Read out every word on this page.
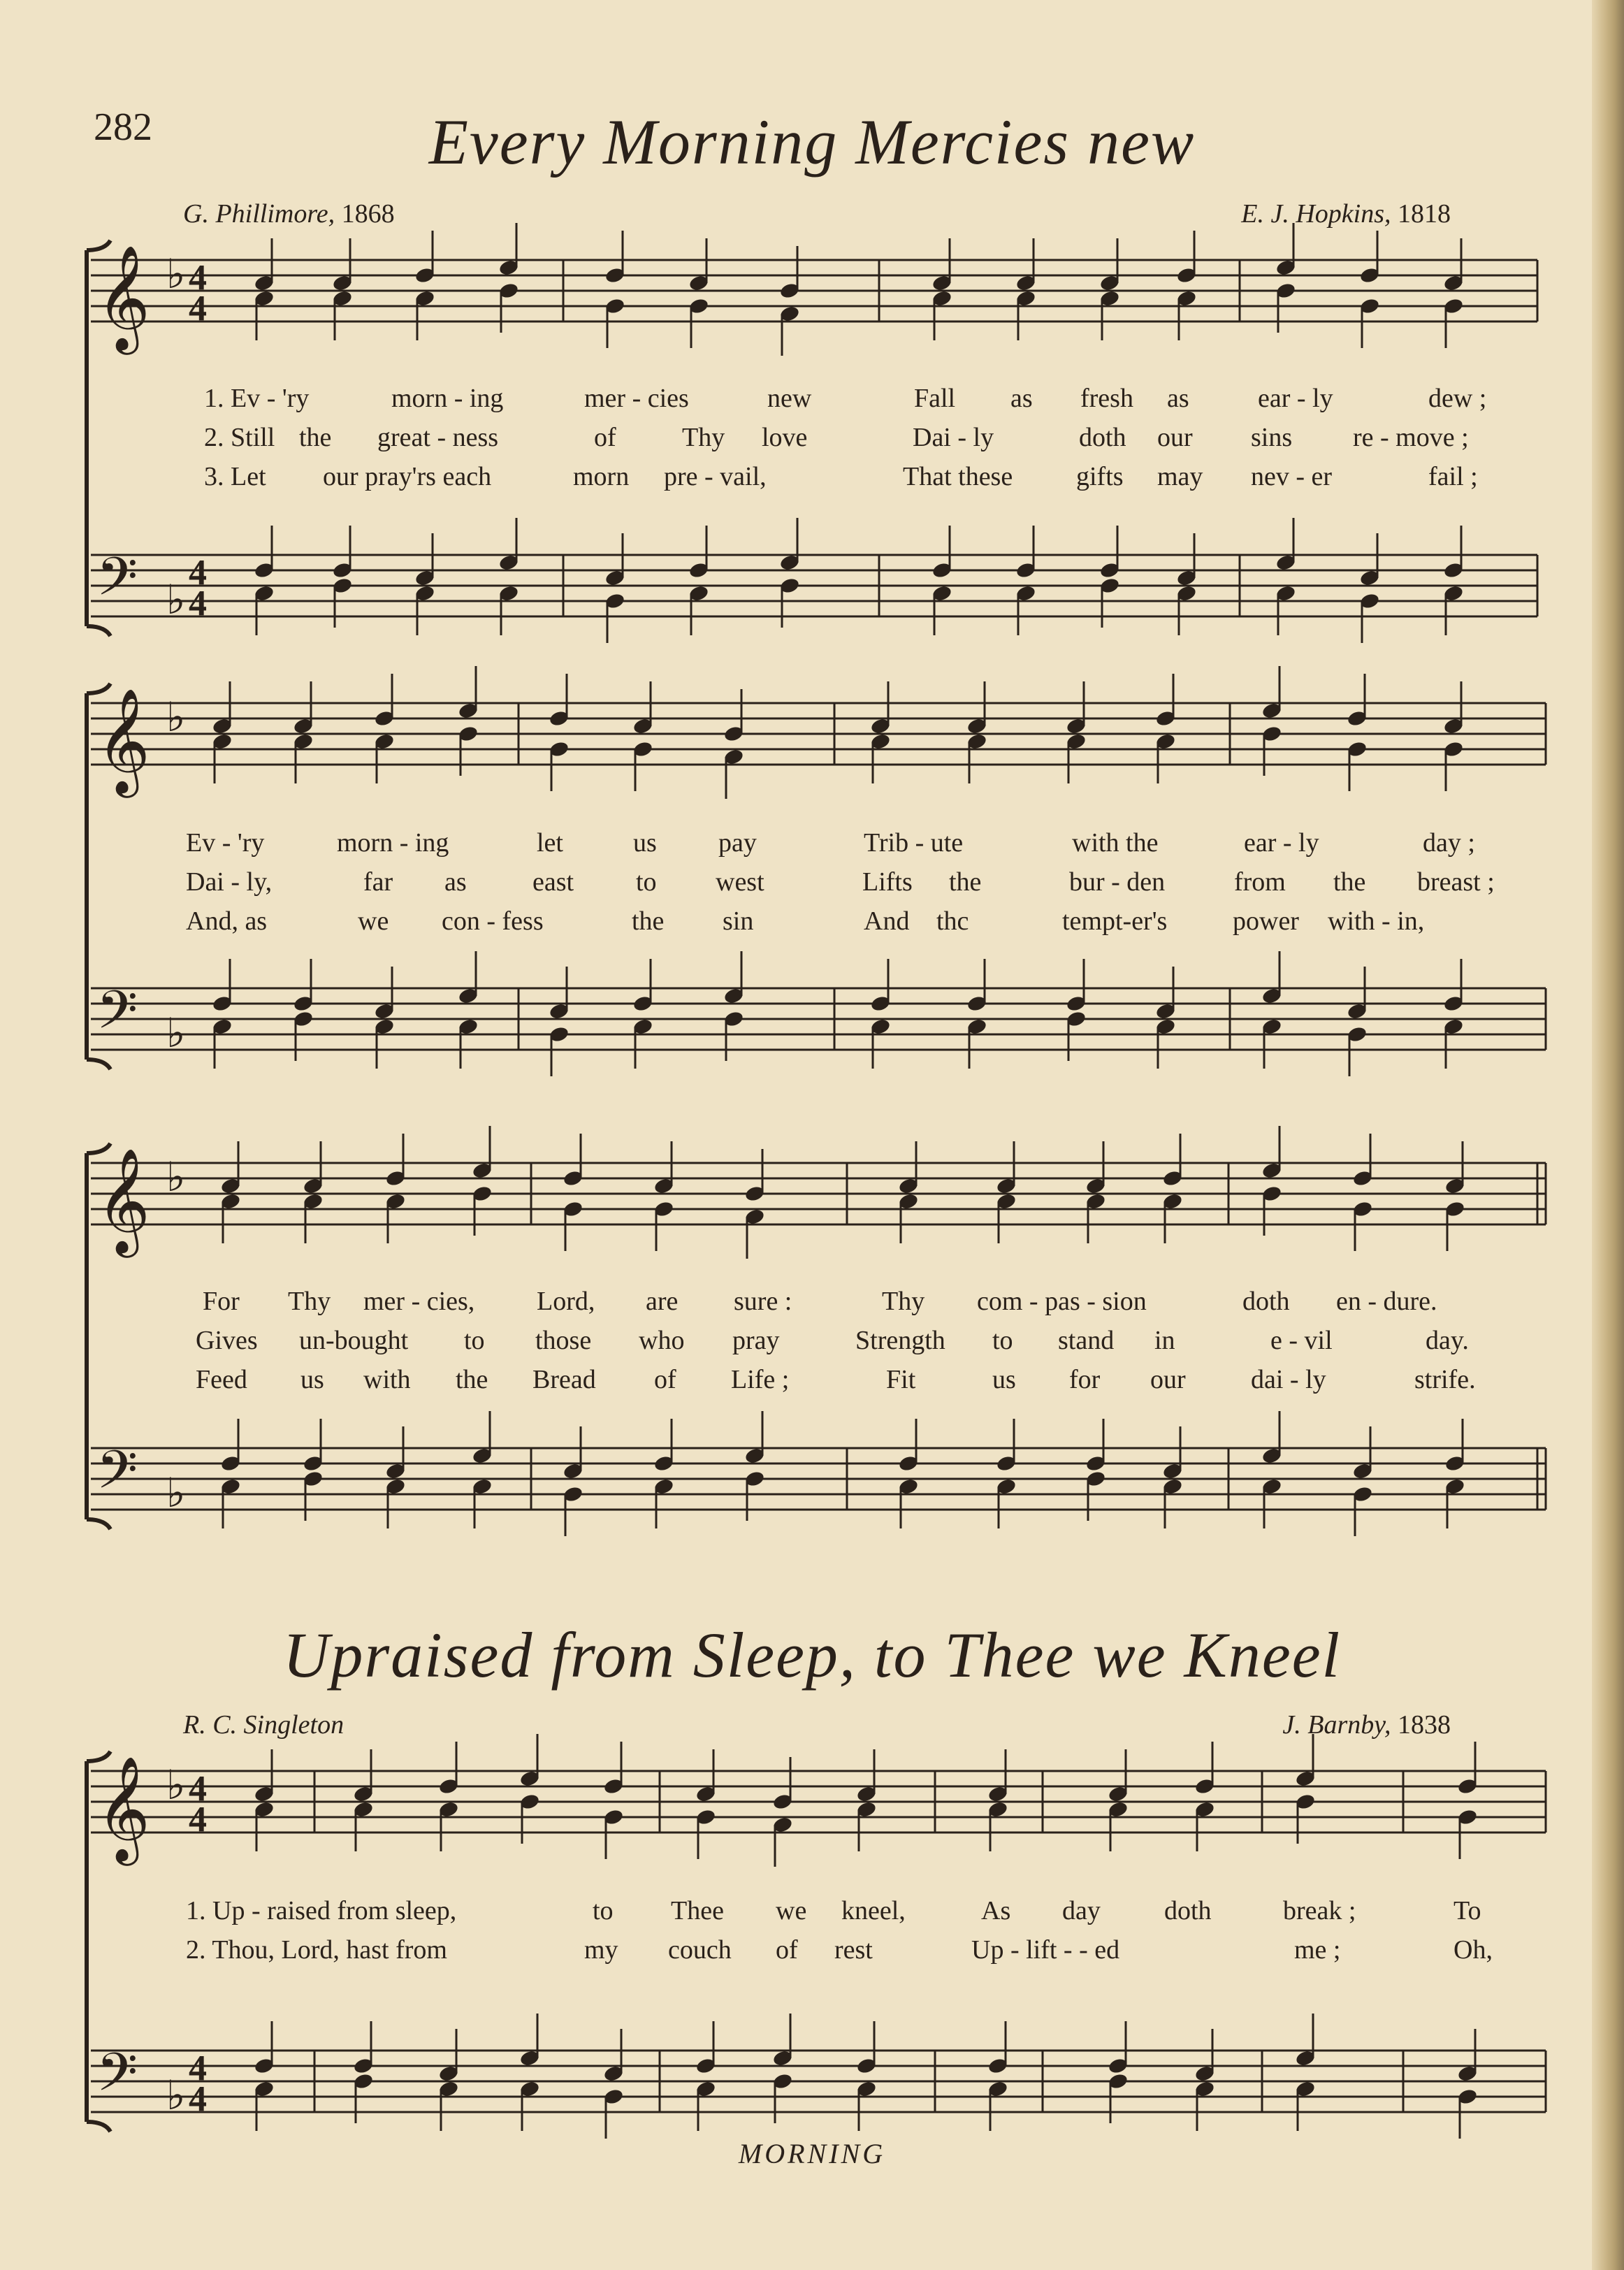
282	Every Morning Mercies new
G. Phillimore, 1868	E. J. Hopkins, 1818
Upraised from Sleep, to Thee we Kneel
R. C. Singleton	J. Barnby, 1838
𝄞 ♭ 4
4
𝄢 ♭
4
4
𝄞 ♭
𝄢 ♭
𝄞 ♭
𝄢 ♭
𝄞 ♭ 4
4
𝄢 ♭
4
4
1. Ev - 'ry	morn - ing	mer - cies	new	Fall as fresh as	ear - ly	dew ;
2. Still the great - ness	of Thy love	Dai - ly	doth our sins re - move ;
3. Let our pray'rs each	morn pre - vail,	That these gifts may nev - er	fail ;
Ev - 'ry	morn - ing	let	us pay	Trib - ute	with the	ear - ly	day ;
Dai - ly,	far as east to west	Lifts the	bur - den	from the breast ;
And, as	we con - fess	the sin	And thc	tempt-er's power with - in,
For Thy mer - cies, Lord, are sure :	Thy com - pas - sion	doth en - dure.
Gives un-bought to those who pray	Strength to stand in	e - vil	day.
Feed us with the Bread of Life ;	Fit	us for our dai - ly	strife.
1. Up - raised from sleep,	to Thee we kneel,	As day doth	break ;	To
2. Thou, Lord, hast from	my couch of rest	Up - lift - - ed	me ;	Oh,
MORNING
